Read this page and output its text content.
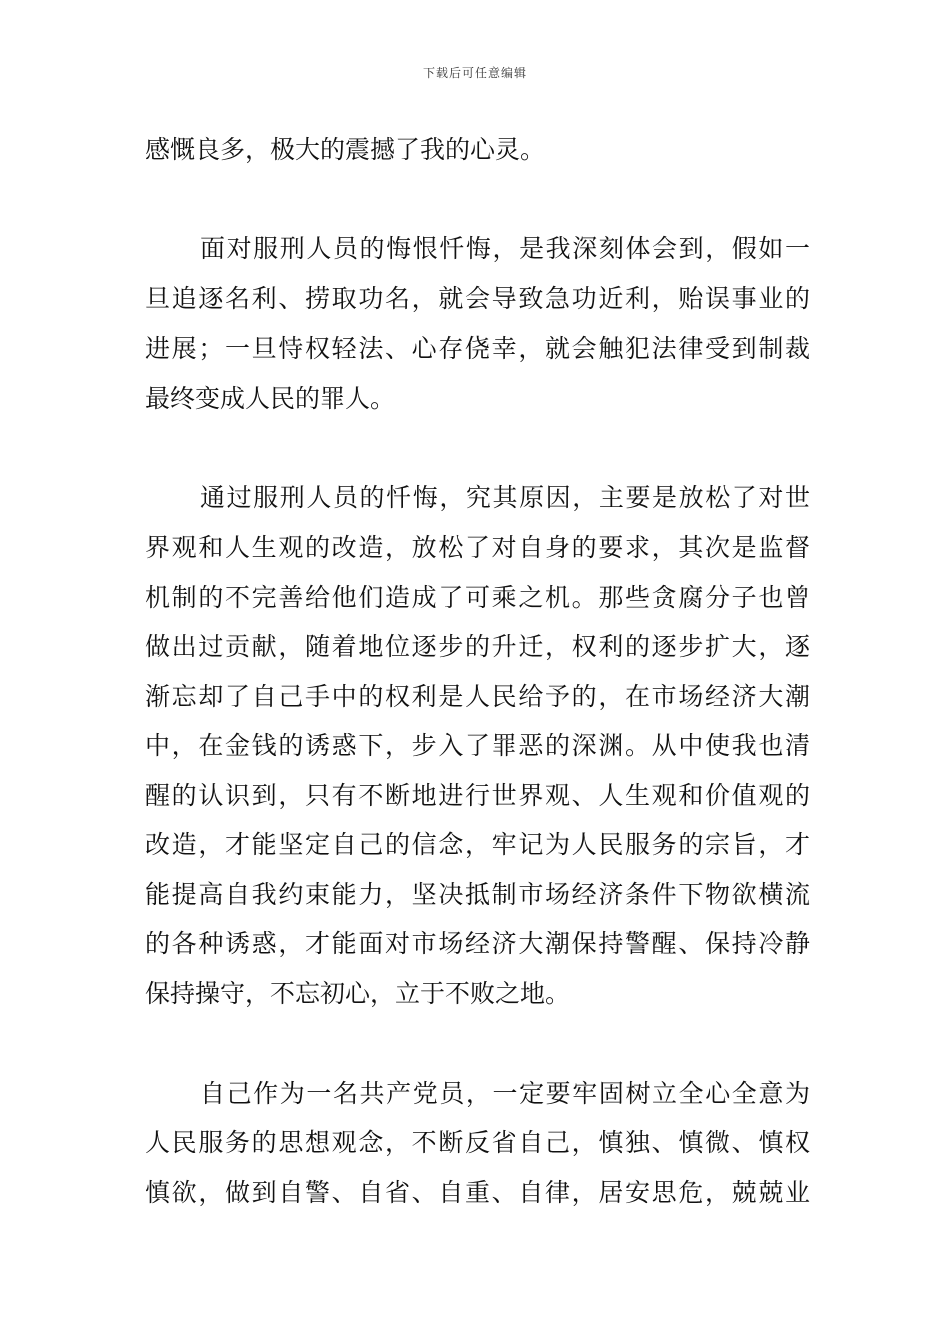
下载后可任意编辑
感慨良多，极大的震撼了我的心灵。
面对服刑人员的悔恨忏悔，是我深刻体会到，假如一
旦追逐名利、捞取功名，就会导致急功近利，贻误事业的
进展；一旦恃权轻法、心存侥幸，就会触犯法律受到制裁
最终变成人民的罪人。
通过服刑人员的忏悔，究其原因，主要是放松了对世
界观和人生观的改造，放松了对自身的要求，其次是监督
机制的不完善给他们造成了可乘之机。那些贪腐分子也曾
做出过贡献，随着地位逐步的升迁，权利的逐步扩大，逐
渐忘却了自己手中的权利是人民给予的，在市场经济大潮
中，在金钱的诱惑下，步入了罪恶的深渊。从中使我也清
醒的认识到，只有不断地进行世界观、人生观和价值观的
改造，才能坚定自己的信念，牢记为人民服务的宗旨，才
能提高自我约束能力，坚决抵制市场经济条件下物欲横流
的各种诱惑，才能面对市场经济大潮保持警醒、保持冷静
保持操守，不忘初心，立于不败之地。
自己作为一名共产党员，一定要牢固树立全心全意为
人民服务的思想观念，不断反省自己，慎独、慎微、慎权
慎欲，做到自警、自省、自重、自律，居安思危，兢兢业
